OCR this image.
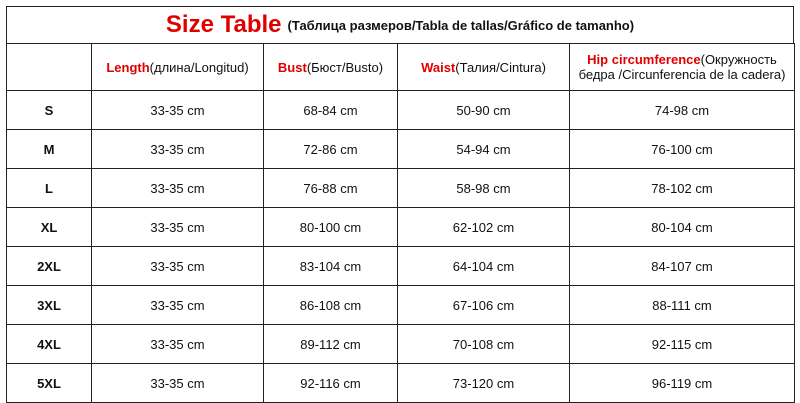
Size Table (Таблица размеров/Tabla de tallas/Gráfico de tamanho)
	Length(длина/Longitud)	Bust(Бюст/Busto)	Waist(Талия/Cintura)	Hip circumference(Окружность бедра /Circunferencia de la cadera)
S	33-35 cm	68-84 cm	50-90 cm	74-98 cm
M	33-35 cm	72-86 cm	54-94 cm	76-100 cm
L	33-35 cm	76-88 cm	58-98 cm	78-102 cm
XL	33-35 cm	80-100 cm	62-102 cm	80-104 cm
2XL	33-35 cm	83-104 cm	64-104 cm	84-107 cm
3XL	33-35 cm	86-108 cm	67-106 cm	88-111 cm
4XL	33-35 cm	89-112 cm	70-108 cm	92-115 cm
5XL	33-35 cm	92-116 cm	73-120 cm	96-119 cm
